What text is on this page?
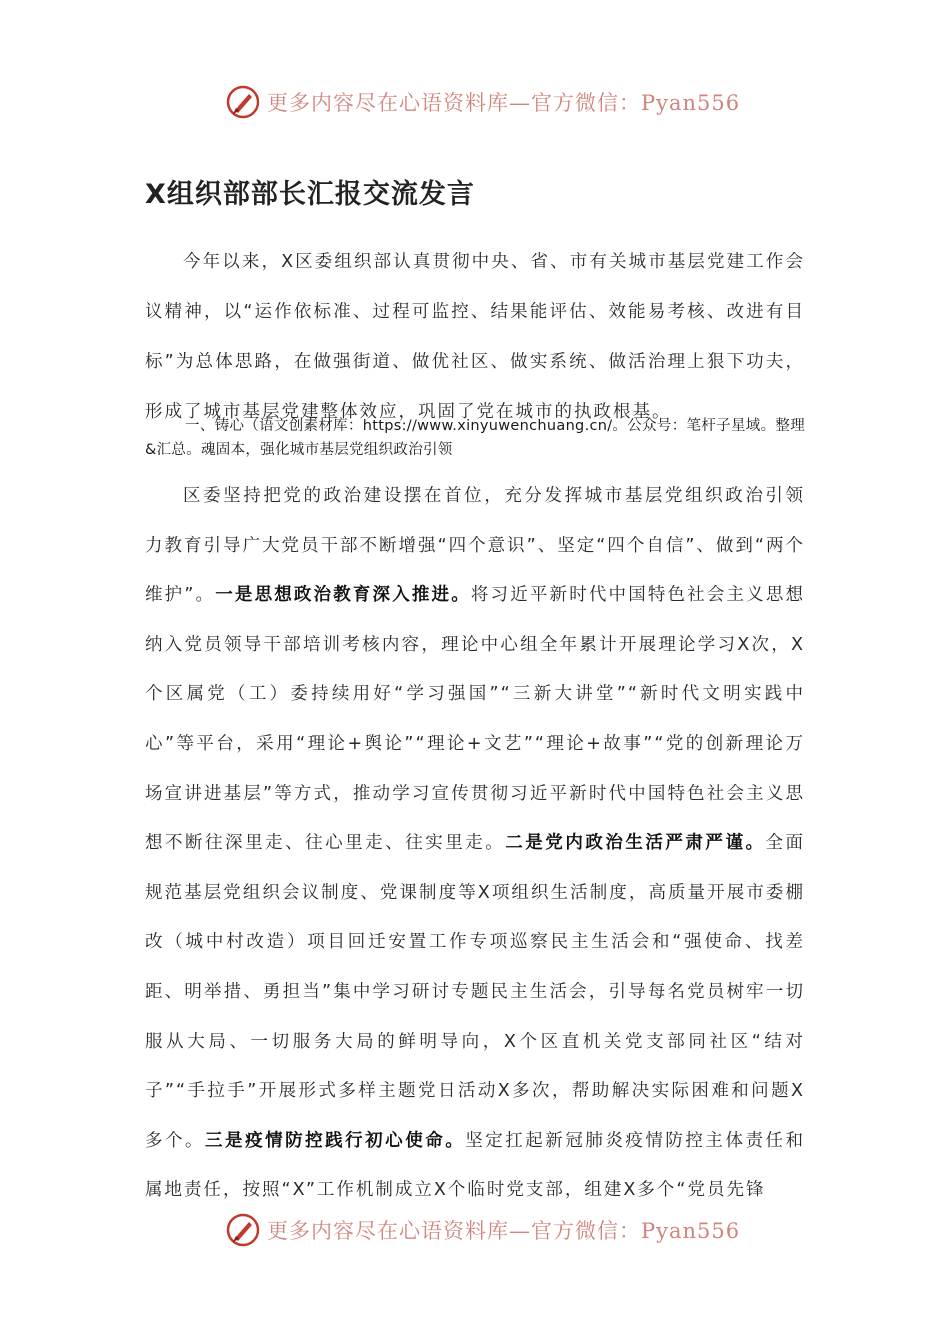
更多内容尽在心语资料库—官方微信：Pyan556
X组织部部长汇报交流发言

今年以来，X区委组织部认真贯彻中央、省、市有关城市基层党建工作会议精神，以“运作依标准、过程可监控、结果能评估、效能易考核、改进有目标”为总体思路，在做强街道、做优社区、做实系统、做活治理上狠下功夫，形成了城市基层党建整体效应，巩固了党在城市的执政根基。

一、铸心（语文创素材库：https://www.xinyuwenchuang.cn/。公众号：笔杆子星域。整理&汇总。魂固本，强化城市基层党组织政治引领

区委坚持把党的政治建设摆在首位，充分发挥城市基层党组织政治引领力教育引导广大党员干部不断增强“四个意识”、坚定“四个自信”、做到“两个维护”。一是思想政治教育深入推进。将习近平新时代中国特色社会主义思想纳入党员领导干部培训考核内容，理论中心组全年累计开展理论学习X次，X个区属党（工）委持续用好“学习强国”“三新大讲堂”“新时代文明实践中心”等平台，采用“理论+舆论”“理论+文艺”“理论+故事”“党的创新理论万场宣讲进基层”等方式，推动学习宣传贯彻习近平新时代中国特色社会主义思想不断往深里走、往心里走、往实里走。二是党内政治生活严肃严谨。全面规范基层党组织会议制度、党课制度等X项组织生活制度，高质量开展市委棚改（城中村改造）项目回迁安置工作专项巡察民主生活会和“强使命、找差距、明举措、勇担当”集中学习研讨专题民主生活会，引导每名党员树牢一切服从大局、一切服务大局的鲜明导向，X个区直机关党支部同社区“结对子”“手拉手”开展形式多样主题党日活动X多次，帮助解决实际困难和问题X多个。三是疫情防控践行初心使命。坚定扛起新冠肺炎疫情防控主体责任和属地责任，按照“X”工作机制成立X个临时党支部，组建X多个“党员先锋

更多内容尽在心语资料库—官方微信：Pyan556
